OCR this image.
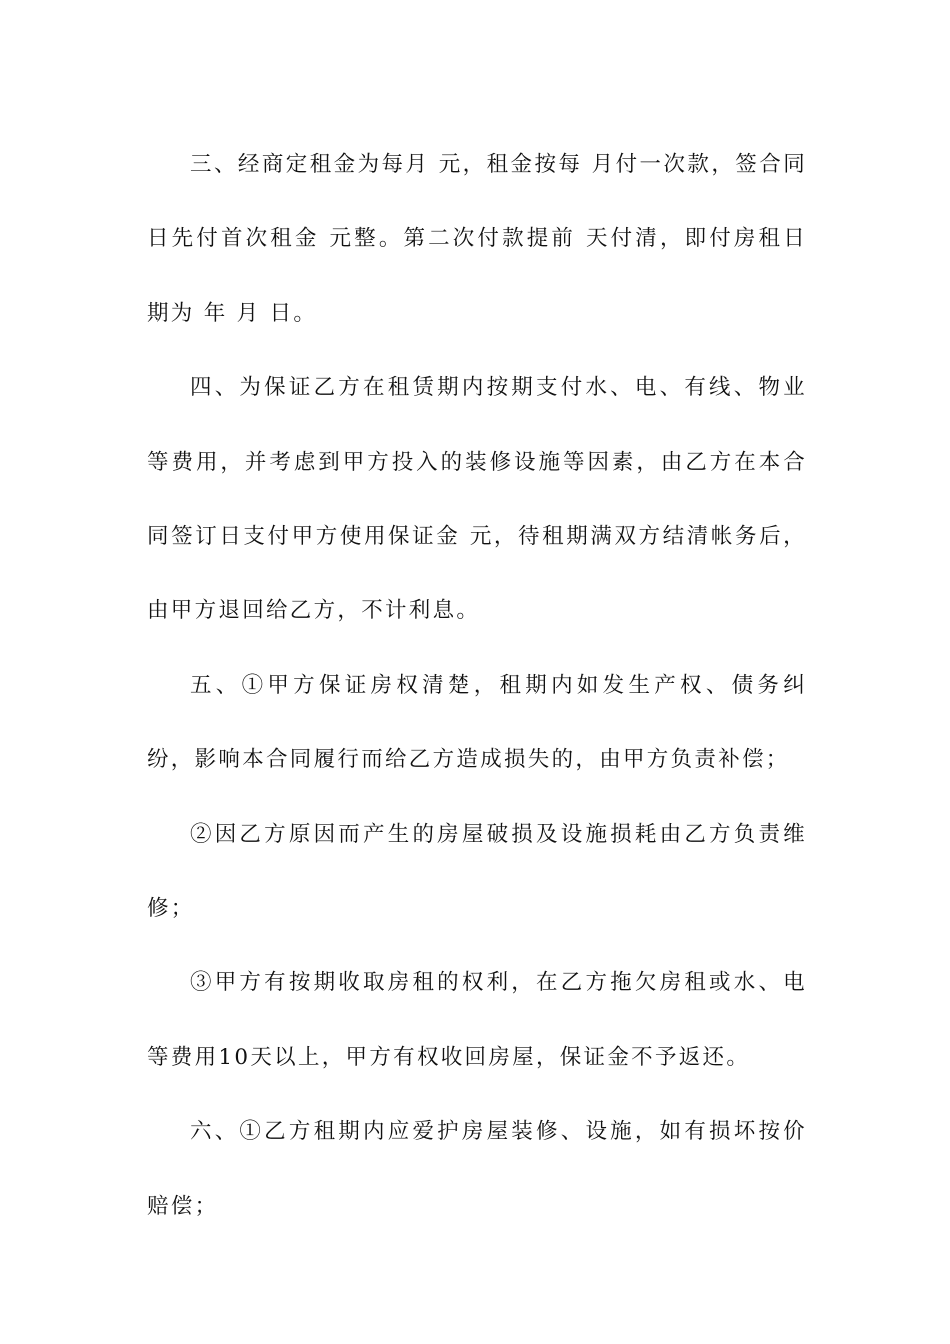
三、经商定租金为每月 元，租金按每 月付一次款，签合同日先付首次租金 元整。第二次付款提前 天付清，即付房租日期为 年 月 日。

四、为保证乙方在租赁期内按期支付水、电、有线、物业等费用，并考虑到甲方投入的装修设施等因素，由乙方在本合同签订日支付甲方使用保证金 元，待租期满双方结清帐务后，由甲方退回给乙方，不计利息。

五、①甲方保证房权清楚，租期内如发生产权、债务纠纷，影响本合同履行而给乙方造成损失的，由甲方负责补偿；

②因乙方原因而产生的房屋破损及设施损耗由乙方负责维修；

③甲方有按期收取房租的权利，在乙方拖欠房租或水、电等费用10天以上，甲方有权收回房屋，保证金不予返还。

六、①乙方租期内应爱护房屋装修、设施，如有损坏按价赔偿；
